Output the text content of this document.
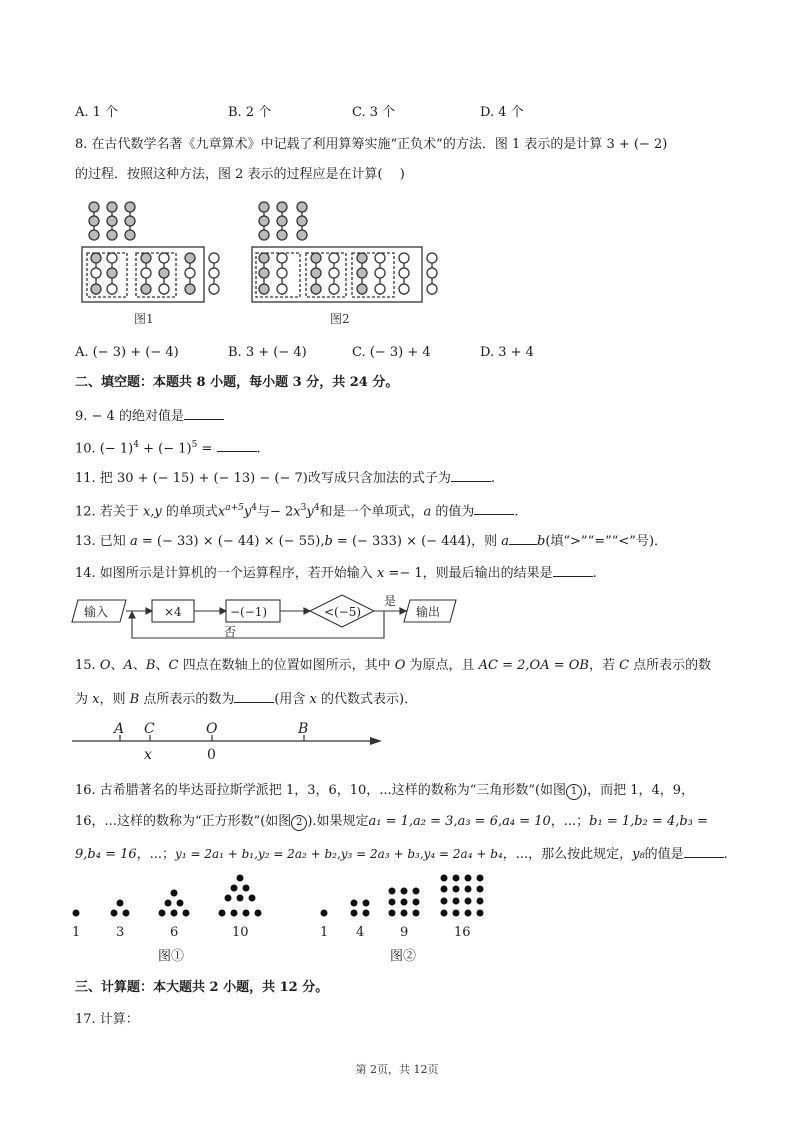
A. 1 个	B. 2 个	C. 3 个	D. 4 个
8. 在古代数学名著《九章算术》中记载了利用算筹实施“正负术”的方法．图 1 表示的是计算 3 + (− 2)
的过程．按照这种方法，图 2 表示的过程应是在计算(　 )
图1	图2
A. (− 3) + (− 4)	B. 3 + (− 4)	C. (− 3) + 4	D. 3 + 4
二、填空题：本题共 8 小题，每小题 3 分，共 24 分。
9. − 4 的绝对值是
10. (− 1)$^4$ + (− 1)$^5$ =	.
11. 把 30 + (− 15) + (− 13) − (− 7)改写成只含加法的式子为	.
12. 若关于 x,y 的单项式$x^{a+5}y^4$与− $2x^3y^4$和是一个单项式，a 的值为	.
13. 已知 a = (− 33) × (− 44) × (− 55),b = (− 333) × (− 444)，则 a b(填“>”“=”“<”号)．
14. 如图所示是计算机的一个运算程序，若开始输入 x =− 1，则最后输出的结果是	.
输入	×4	−(−1)	<(−5)
是
输出
否
15. O、A、B、C 四点在数轴上的位置如图所示，其中 O 为原点，且 AC = 2,OA = OB，若 C 点所表示的数
为 x，则 B 点所表示的数为	(用含 x 的代数式表示)．
A C	O	B
x	0
16. 古希腊著名的毕达哥拉斯学派把 1，3，6，10，...这样的数称为“三角形数”(如图 1 )，而把 1，4，9，
16，...这样的数称为“正方形数”(如图 2 ).如果规定a₁ = 1,a₂ = 3,a₃ = 6,a₄ = 10，...；b₁ = 1,b₂ = 4,b₃ =
9,b₄ = 16，...；y₁ = 2a₁ + b₁,y₂ = 2a₂ + b₂,y₃ = 2a₃ + b₃,y₄ = 2a₄ + b₄，...，那么按此规定，y₈的值是	.
1	3	6	10	1 4	9	16
图①	图②
三、计算题：本大题共 2 小题，共 12 分。
17. 计算：
第 2页，共 12页
